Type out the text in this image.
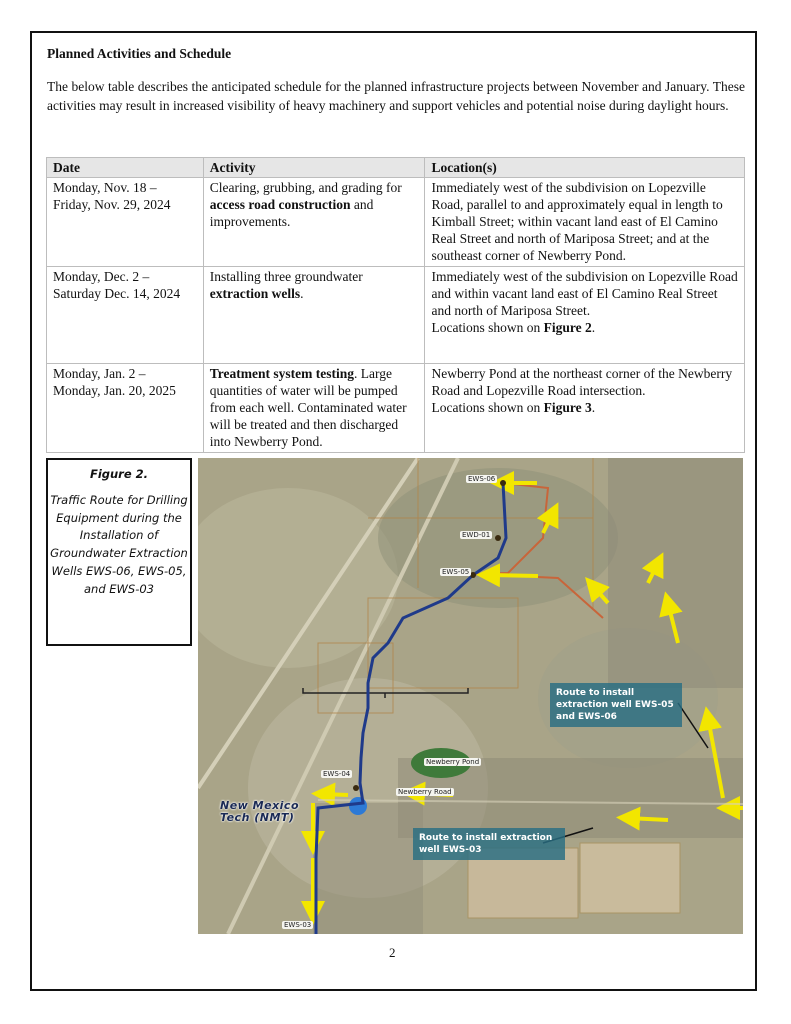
Planned Activities and Schedule
The below table describes the anticipated schedule for the planned infrastructure projects between November and January. These activities may result in increased visibility of heavy machinery and support vehicles and potential noise during daylight hours.
Date	Activity	Location(s)
Monday, Nov. 18 –
Friday, Nov. 29, 2024	Clearing, grubbing, and grading for access road construction and improvements.	Immediately west of the subdivision on Lopezville Road, parallel to and approximately equal in length to Kimball Street; within vacant land east of El Camino Real Street and north of Mariposa Street; and at the southeast corner of Newberry Pond.
Monday, Dec. 2 –
Saturday Dec. 14, 2024	Installing three groundwater extraction wells.	Immediately west of the subdivision on Lopezville Road and within vacant land east of El Camino Real Street and north of Mariposa Street.
Locations shown on Figure 2.
Monday, Jan. 2 –
Monday, Jan. 20, 2025	Treatment system testing. Large quantities of water will be pumped from each well. Contaminated water will be treated and then discharged into Newberry Pond.	Newberry Pond at the northeast corner of the Newberry Road and Lopezville Road intersection.
Locations shown on Figure 3.
Figure 2.
Traffic Route for Drilling Equipment during the Installation of Groundwater Extraction Wells EWS-06, EWS-05, and EWS-03
EWS-06
EWD-01
EWS-05
EWS-04
EWS-03
Newberry Pond
Newberry Road
New Mexico
Tech (NMT)
Route to install extraction well EWS-05 and EWS-06
Route to install extraction well EWS-03
2
